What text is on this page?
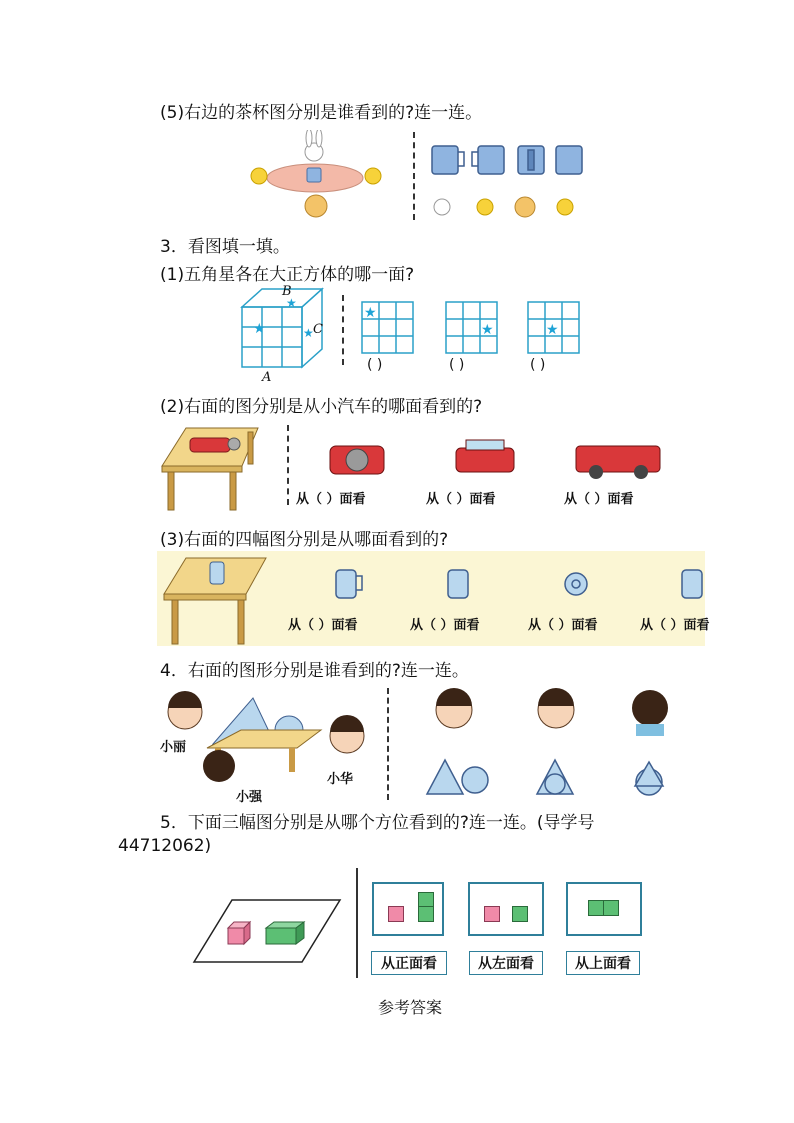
(5)右边的茶杯图分别是谁看到的?连一连。
3．看图填一填。
(1)五角星各在大正方体的哪一面?
★
★
★
B
C
A
★
★	★
( )	( )	( )
(2)右面的图分别是从小汽车的哪面看到的?
从（ ）面看	从（ ）面看	从（ ）面看
(3)右面的四幅图分别是从哪面看到的?
从（ ）面看	从（ ）面看	从（ ）面看	从（ ）面看
4．右面的图形分别是谁看到的?连一连。
小丽
小强
小华
5．下面三幅图分别是从哪个方位看到的?连一连。(导学号
44712062)
从正面看	从左面看	从上面看
参考答案
